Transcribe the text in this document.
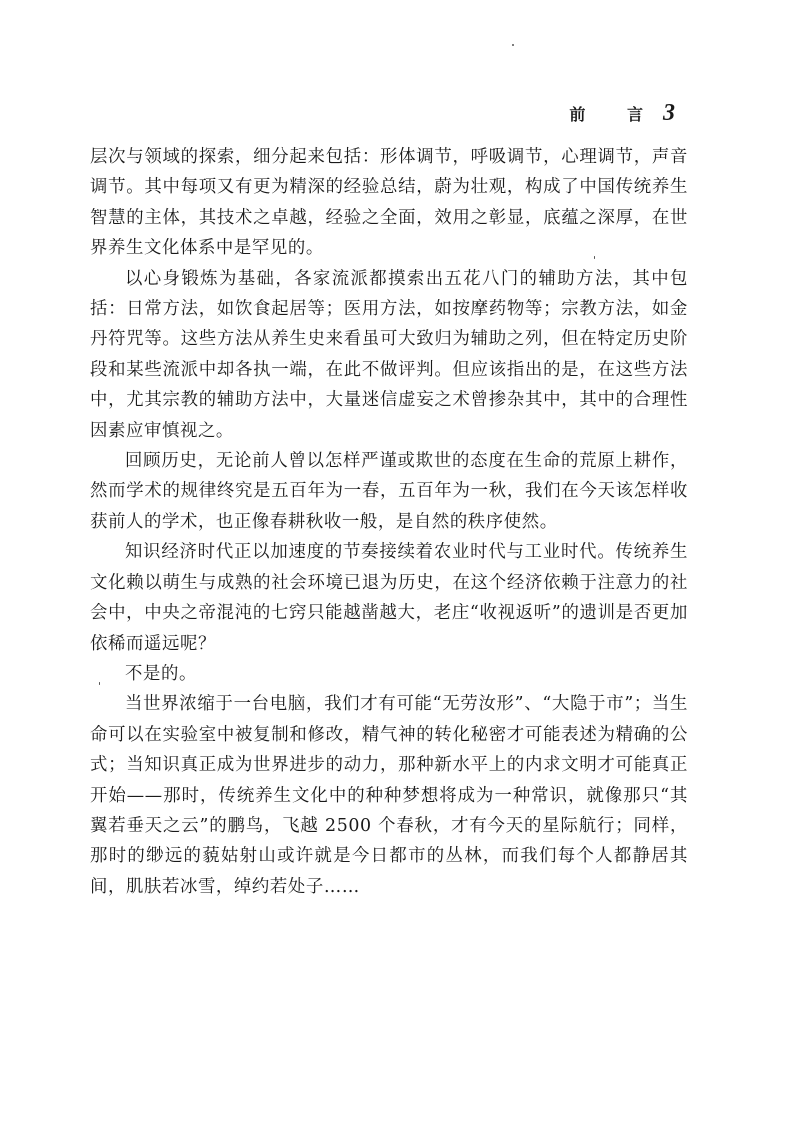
前 言 3

层次与领域的探索，细分起来包括：形体调节，呼吸调节，心理调节，声音调节。其中每项又有更为精深的经验总结，蔚为壮观，构成了中国传统养生智慧的主体，其技术之卓越，经验之全面，效用之彰显，底蕴之深厚，在世界养生文化体系中是罕见的。

以心身锻炼为基础，各家流派都摸索出五花八门的辅助方法，其中包括：日常方法，如饮食起居等；医用方法，如按摩药物等；宗教方法，如金丹符咒等。这些方法从养生史来看虽可大致归为辅助之列，但在特定历史阶段和某些流派中却各执一端，在此不做评判。但应该指出的是，在这些方法中，尤其宗教的辅助方法中，大量迷信虚妄之术曾掺杂其中，其中的合理性因素应审慎视之。

回顾历史，无论前人曾以怎样严谨或欺世的态度在生命的荒原上耕作，然而学术的规律终究是五百年为一春，五百年为一秋，我们在今天该怎样收获前人的学术，也正像春耕秋收一般，是自然的秩序使然。

知识经济时代正以加速度的节奏接续着农业时代与工业时代。传统养生文化赖以萌生与成熟的社会环境已退为历史，在这个经济依赖于注意力的社会中，中央之帝混沌的七窍只能越凿越大，老庄“收视返听”的遗训是否更加依稀而遥远呢？

不是的。

当世界浓缩于一台电脑，我们才有可能“无劳汝形”、“大隐于市”；当生命可以在实验室中被复制和修改，精气神的转化秘密才可能表述为精确的公式；当知识真正成为世界进步的动力，那种新水平上的内求文明才可能真正开始——那时，传统养生文化中的种种梦想将成为一种常识，就像那只“其翼若垂天之云”的鹏鸟，飞越 2500 个春秋，才有今天的星际航行；同样，那时的缈远的藐姑射山或许就是今日都市的丛林，而我们每个人都静居其间，肌肤若冰雪，绰约若处子……
